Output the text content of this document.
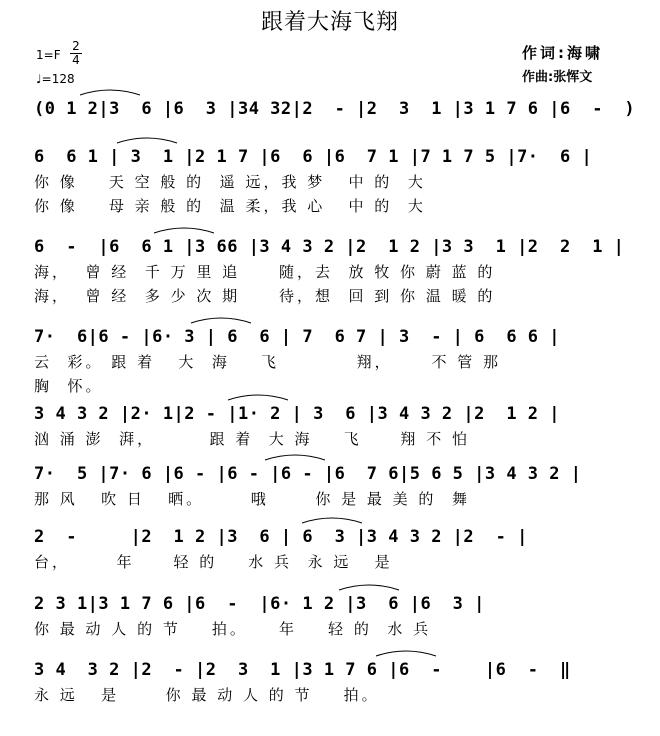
跟着大海飞翔
1=F
2
4
♩=128
作词:海啸
作曲:张恽文
(0 1 2|3  6 |6  3 |34 32|2  - |2  3  1 |3 1 7 6 |6  -  )
6  6 1 | 3  1 |2 1 7 |6  6 |6  7 1 |7 1 7 5 |7·  6 |
你 像    天 空 般 的  遥 远，我 梦   中 的  大
你 像    母 亲 般 的  温 柔，我 心   中 的  大
6  -  |6  6 1 |3 66 |3 4 3 2 |2  1 2 |3 3  1 |2  2  1 |
海，  曾 经  千 万 里 追     随，去  放 牧 你 蔚 蓝 的
海，  曾 经  多 少 次 期     待，想  回 到 你 温 暖 的
7·  6|6 - |6· 3 | 6  6 | 7  6 7 | 3  - | 6  6 6 |
云  彩。 跟 着   大  海    飞          翔，     不 管 那
胸  怀。
3 4 3 2 |2· 1|2 - |1· 2 | 3  6 |3 4 3 2 |2  1 2 |
汹 涌 澎  湃，       跟 着  大 海    飞     翔 不 怕
7·  5 |7· 6 |6 - |6 - |6 - |6  7 6|5 6 5 |3 4 3 2 |
那 风   吹 日   晒。      哦      你 是 最 美 的  舞
2  -     |2  1 2 |3  6 | 6  3 |3 4 3 2 |2  - |
台，      年     轻 的    水 兵  永 远   是
2 3 1|3 1 7 6 |6  -  |6· 1 2 |3  6 |6  3 |
你 最 动 人 的 节    拍。    年    轻 的  水 兵
3 4  3 2 |2  - |2  3  1 |3 1 7 6 |6  -    |6  -  ‖
永 远   是      你 最 动 人 的 节    拍。
